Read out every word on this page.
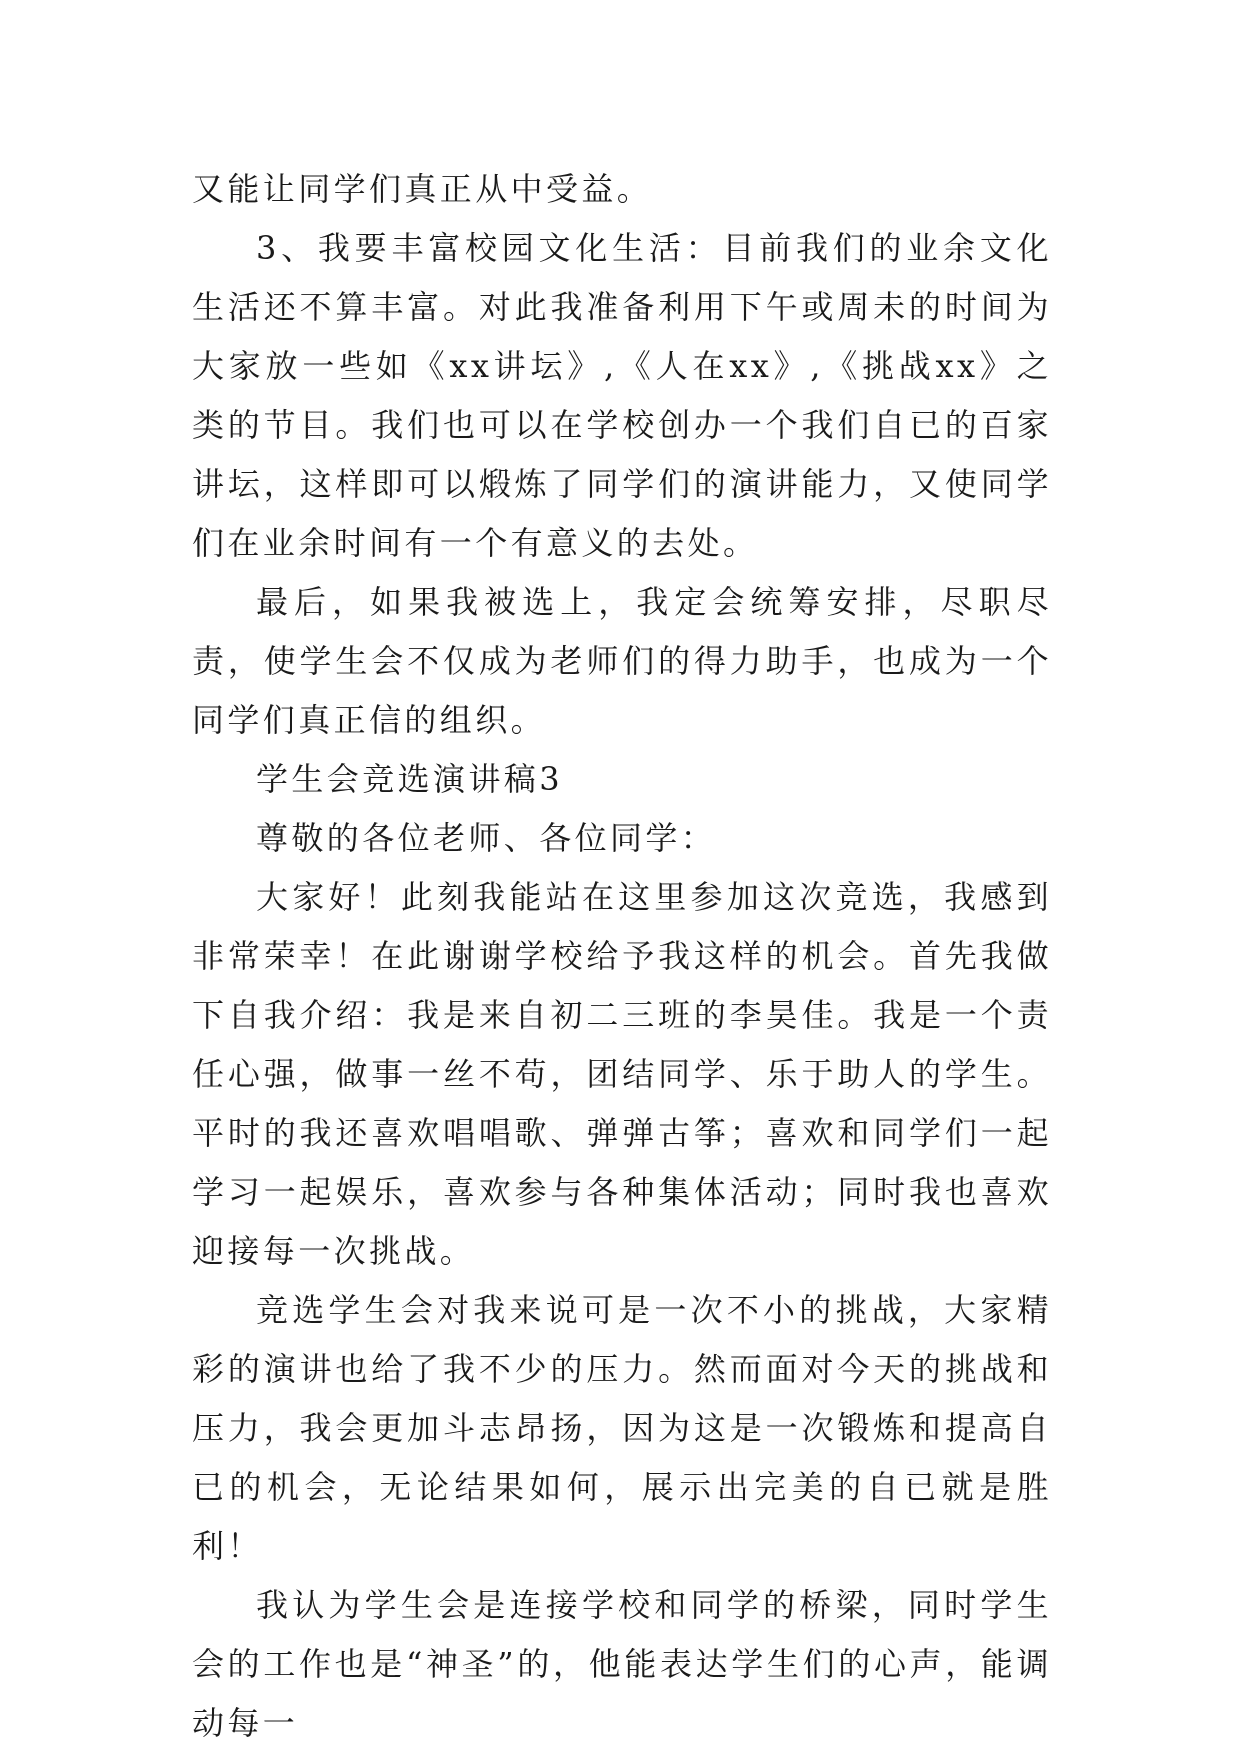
又能让同学们真正从中受益。

3、我要丰富校园文化生活：目前我们的业余文化生活还不算丰富。对此我准备利用下午或周未的时间为大家放一些如《xx讲坛》,《人在xx》,《挑战xx》之类的节目。我们也可以在学校创办一个我们自已的百家讲坛，这样即可以煅炼了同学们的演讲能力，又使同学们在业余时间有一个有意义的去处。

最后，如果我被选上，我定会统筹安排，尽职尽责，使学生会不仅成为老师们的得力助手，也成为一个同学们真正信的组织。

学生会竞选演讲稿3

尊敬的各位老师、各位同学：

大家好！此刻我能站在这里参加这次竞选，我感到非常荣幸！在此谢谢学校给予我这样的机会。首先我做下自我介绍：我是来自初二三班的李昊佳。我是一个责任心强，做事一丝不苟，团结同学、乐于助人的学生。平时的我还喜欢唱唱歌、弹弹古筝；喜欢和同学们一起学习一起娱乐，喜欢参与各种集体活动；同时我也喜欢迎接每一次挑战。

竞选学生会对我来说可是一次不小的挑战，大家精彩的演讲也给了我不少的压力。然而面对今天的挑战和压力，我会更加斗志昂扬，因为这是一次锻炼和提高自已的机会，无论结果如何，展示出完美的自已就是胜利！

我认为学生会是连接学校和同学的桥梁，同时学生会的工作也是“神圣”的，他能表达学生们的心声，能调动每一
